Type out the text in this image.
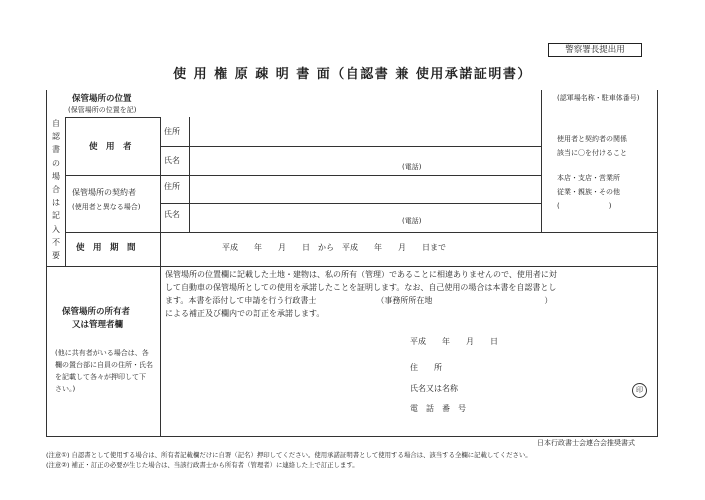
警察署長提出用
使 用 権 原 疎 明 書 面（自認書 兼 使用承諾証明書）
自認書の場合は記入不要
保管場所の位置
(保管場所の位置を記)
(認軍場名称・駐車体番号)
使　用　者
住所
氏名
(電話)
保管場所の契約者
(使用者と異なる場合)
住所
氏名
(電話)
使用者と契約者の関係
該当に〇を付けること
本店・支店・営業所
従業・親族・その他
(　　　　　　　)
使　用　期　間	平成　　年　　月　　日　から　平成　　年　　月　　日まで
保管場所の所有者
又は管理者欄
(他に共有者がいる場合は、各
欄の置台部に自員の住所・氏名
を記載して各々が押印して下
さい。)
保管場所の位置欄に記載した土地・建物は、私の所有（管理）であることに相違ありませんので、使用者に対
して自動車の保管場所としての使用を承諾したことを証明します。なお、自己使用の場合は本書を自認書とし
ます。本書を添付して申請を行う行政書士　　　　　　　　（事務所所在地　　　　　　　　　　　　　　）
による補正及び欄内での訂正を承諾します。
平成　　年　　月　　日
住　　所
氏名又は名称	印
電　話　番　号
日本行政書士会連合会推奨書式
(注意①) 自認書として使用する場合は、所有者記載欄だけに自署（記名）押印してください。使用承諾証明書として使用する場合は、該当する全欄に記載してください。
(注意②) 補正・訂正の必要が生じた場合は、当該行政書士から所有者（管理者）に連絡した上で訂正します。
